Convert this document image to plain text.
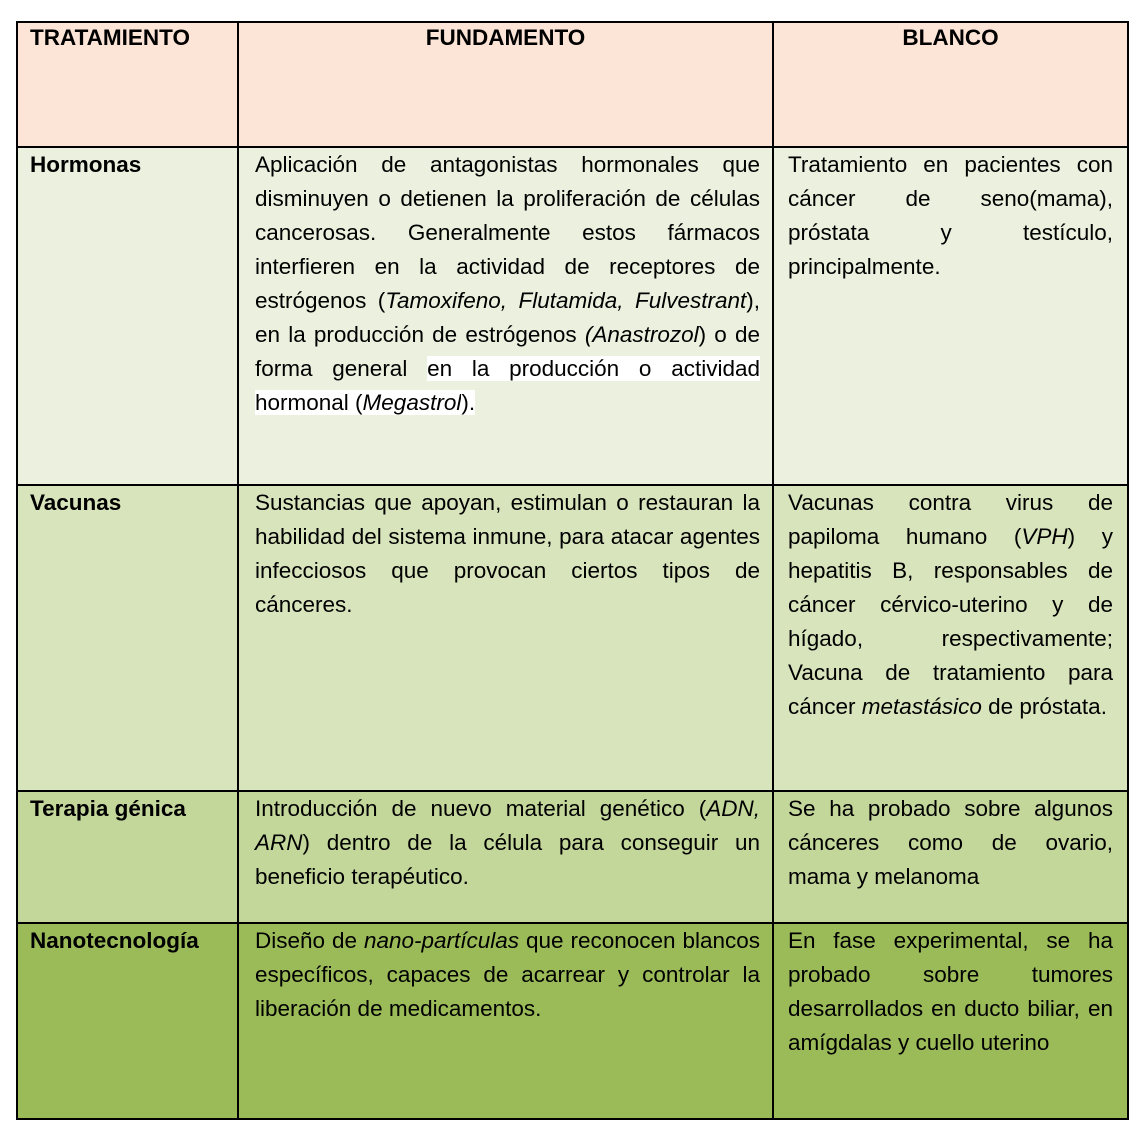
TRATAMIENTO	FUNDAMENTO	BLANCO
Hormonas	Aplicación de antagonistas hormonales que disminuyen o detienen la proliferación de células cancerosas. Generalmente estos fármacos interfieren en la actividad de receptores de estrógenos (Tamoxifeno, Flutamida, Fulvestrant), en la producción de estrógenos (Anastrozol) o de forma general en la producción o actividad hormonal (Megastrol).	Tratamiento en pacientes con cáncer de seno(mama), próstata y testículo, principalmente.
Vacunas	Sustancias que apoyan, estimulan o restauran la habilidad del sistema inmune, para atacar agentes infecciosos que provocan ciertos tipos de cánceres.	Vacunas contra virus de papiloma humano (VPH) y hepatitis B, responsables de cáncer cérvico-uterino y de hígado, respectivamente; Vacuna de tratamiento para cáncer metastásico de próstata.
Terapia génica	Introducción de nuevo material genético (ADN, ARN) dentro de la célula para conseguir un beneficio terapéutico.	Se ha probado sobre algunos cánceres como de ovario, mama y melanoma
Nanotecnología	Diseño de nano-partículas que reconocen blancos específicos, capaces de acarrear y controlar la liberación de medicamentos.	En fase experimental, se ha probado sobre tumores desarrollados en ducto biliar, en amígdalas y cuello uterino
